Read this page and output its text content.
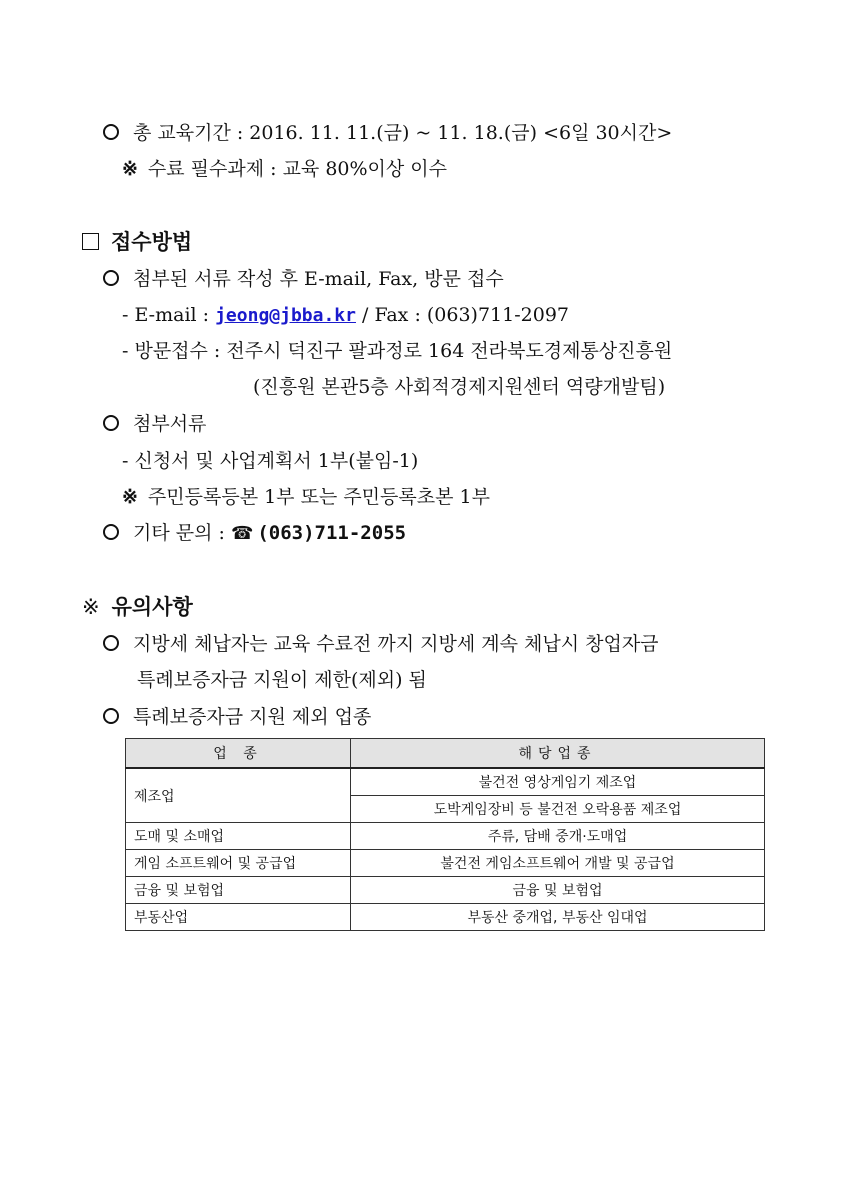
총 교육기간 : 2016. 11. 11.(금) ~ 11. 18.(금) <6일 30시간>
※ 수료 필수과제 : 교육 80%이상 이수
접수방법
첨부된 서류 작성 후 E-mail, Fax, 방문 접수
- E-mail : jeong@jbba.kr / Fax : (063)711-2097
- 방문접수 : 전주시 덕진구 팔과정로 164 전라북도경제통상진흥원
(진흥원 본관5층 사회적경제지원센터 역량개발팀)
첨부서류
- 신청서 및 사업계획서 1부(붙임-1)
※ 주민등록등본 1부 또는 주민등록초본 1부
기타 문의 : ☎ (063)711-2055
※ 유의사항
지방세 체납자는 교육 수료전 까지 지방세 계속 체납시 창업자금
특례보증자금 지원이 제한(제외) 됨
특례보증자금 지원 제외 업종
업 종	해당업종
제조업	불건전 영상게임기 제조업
	도박게임장비 등 불건전 오락용품 제조업
도매 및 소매업	주류, 담배 중개·도매업
게임 소프트웨어 및 공급업	불건전 게임소프트웨어 개발 및 공급업
금융 및 보험업	금융 및 보험업
부동산업	부동산 중개업, 부동산 임대업
